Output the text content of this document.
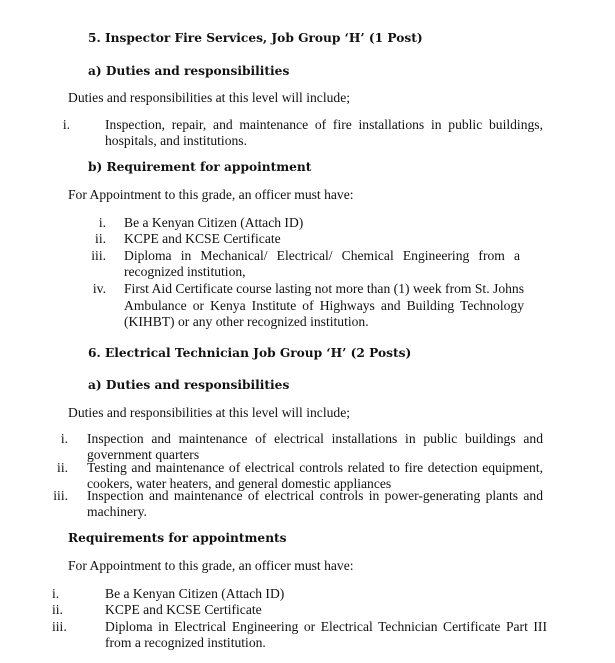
5. Inspector Fire Services, Job Group ‘H’ (1 Post)
a) Duties and responsibilities
Duties and responsibilities at this level will include;
i.	Inspection, repair, and maintenance of fire installations in public buildings, hospitals, and institutions.
b) Requirement for appointment
For Appointment to this grade, an officer must have:
i. Be a Kenyan Citizen (Attach ID)
ii. KCPE and KCSE Certificate
iii. Diploma in Mechanical/ Electrical/ Chemical Engineering from a recognized institution,
iv. First Aid Certificate course lasting not more than (1) week from St. Johns Ambulance or Kenya Institute of Highways and Building Technology (KIHBT) or any other recognized institution.
6. Electrical Technician Job Group ‘H’ (2 Posts)
a) Duties and responsibilities
Duties and responsibilities at this level will include;
i. Inspection and maintenance of electrical installations in public buildings and government quarters
ii. Testing and maintenance of electrical controls related to fire detection equipment, cookers, water heaters, and general domestic appliances
iii. Inspection and maintenance of electrical controls in power-generating plants and machinery.
Requirements for appointments
For Appointment to this grade, an officer must have:
i.	Be a Kenyan Citizen (Attach ID)
ii.	KCPE and KCSE Certificate
iii.	Diploma in Electrical Engineering or Electrical Technician Certificate Part III from a recognized institution.
